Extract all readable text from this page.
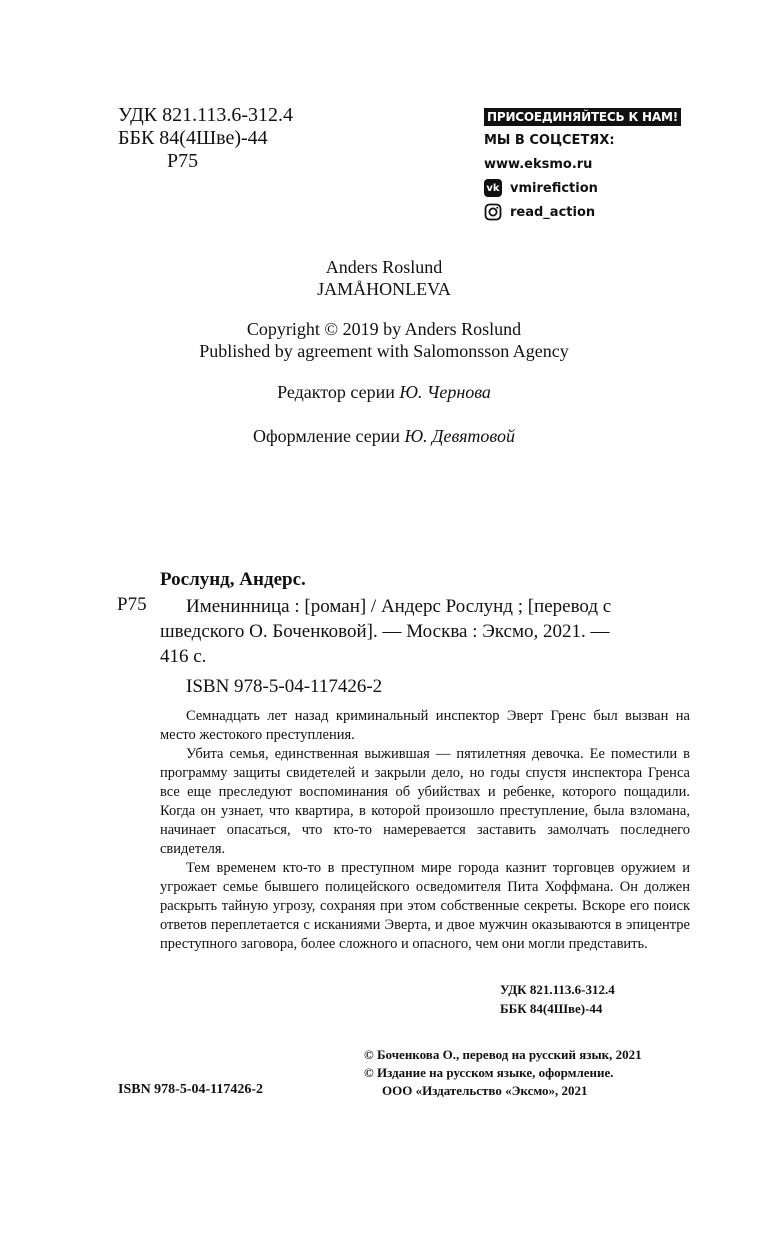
УДК 821.113.6-312.4
ББК 84(4Шве)-44
Р75
ПРИСОЕДИНЯЙТЕСЬ К НАМ!
МЫ В СОЦСЕТЯХ:
www.eksmo.ru
vk vmirefiction
read_action
Anders Roslund
JAMÅHONLEVA
Copyright © 2019 by Anders Roslund
Published by agreement with Salomonsson Agency
Редактор серии Ю. Чернова
Оформление серии Ю. Девятовой
Рослунд, Андерс.
Р75 Именинница : [роман] / Андерс Рослунд ; [перевод с
шведского О. Боченковой]. — Москва : Эксмо, 2021. —
416 с.
ISBN 978-5-04-117426-2

Семнадцать лет назад криминальный инспектор Эверт Гренс был вызван на место жестокого преступления.

Убита семья, единственная выжившая — пятилетняя девочка. Ее поместили в программу защиты свидетелей и закрыли дело, но годы спустя инспектора Гренса все еще преследуют воспоминания об убийствах и ребенке, которого пощадили. Когда он узнает, что квартира, в которой произошло преступление, была взломана, начинает опасаться, что кто-то намеревается заставить замолчать последнего свидетеля.

Тем временем кто-то в преступном мире города казнит торговцев оружием и угрожает семье бывшего полицейского осведомителя Пита Хоффмана. Он должен раскрыть тайную угрозу, сохраняя при этом собственные секреты. Вскоре его поиск ответов переплетается с исканиями Эверта, и двое мужчин оказываются в эпицентре преступного заговора, более сложного и опасного, чем они могли представить.

УДК 821.113.6-312.4
ББК 84(4Шве)-44
© Боченкова О., перевод на русский язык, 2021
© Издание на русском языке, оформление.
ООО «Издательство «Эксмо», 2021
ISBN 978-5-04-117426-2
